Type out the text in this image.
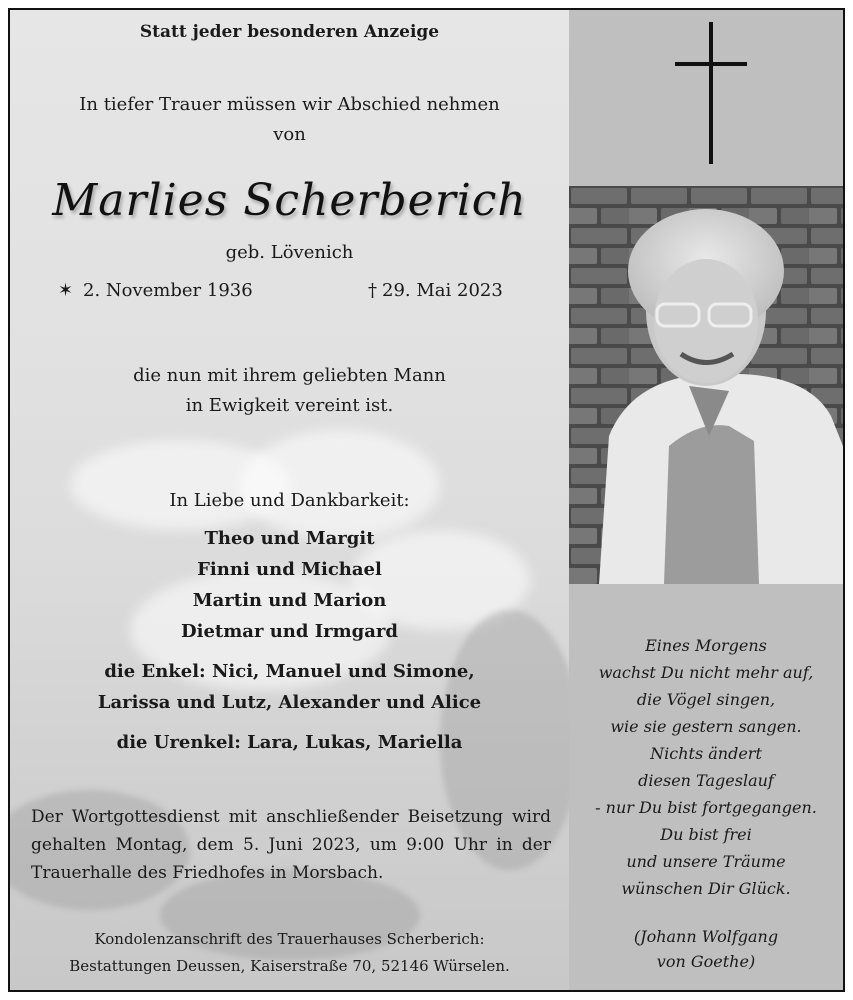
Statt jeder besonderen Anzeige
In tiefer Trauer müssen wir Abschied nehmen
von
Marlies Scherberich
geb. Lövenich
✶ 2. November 1936	† 29. Mai 2023
die nun mit ihrem geliebten Mann
in Ewigkeit vereint ist.
In Liebe und Dankbarkeit:
Theo und Margit
Finni und Michael
Martin und Marion
Dietmar und Irmgard
die Enkel: Nici, Manuel und Simone,
Larissa und Lutz, Alexander und Alice
die Urenkel: Lara, Lukas, Mariella
Der Wortgottesdienst mit anschließender Beisetzung wird gehalten Montag, dem 5. Juni 2023, um 9:00 Uhr in der Trauerhalle des Friedhofes in Morsbach.
Kondolenzanschrift des Trauerhauses Scherberich:
Bestattungen Deussen, Kaiserstraße 70, 52146 Würselen.
Eines Morgens
wachst Du nicht mehr auf,
die Vögel singen,
wie sie gestern sangen.
Nichts ändert
diesen Tageslauf
- nur Du bist fortgegangen.
Du bist frei
und unsere Träume
wünschen Dir Glück.
(Johann Wolfgang
von Goethe)
